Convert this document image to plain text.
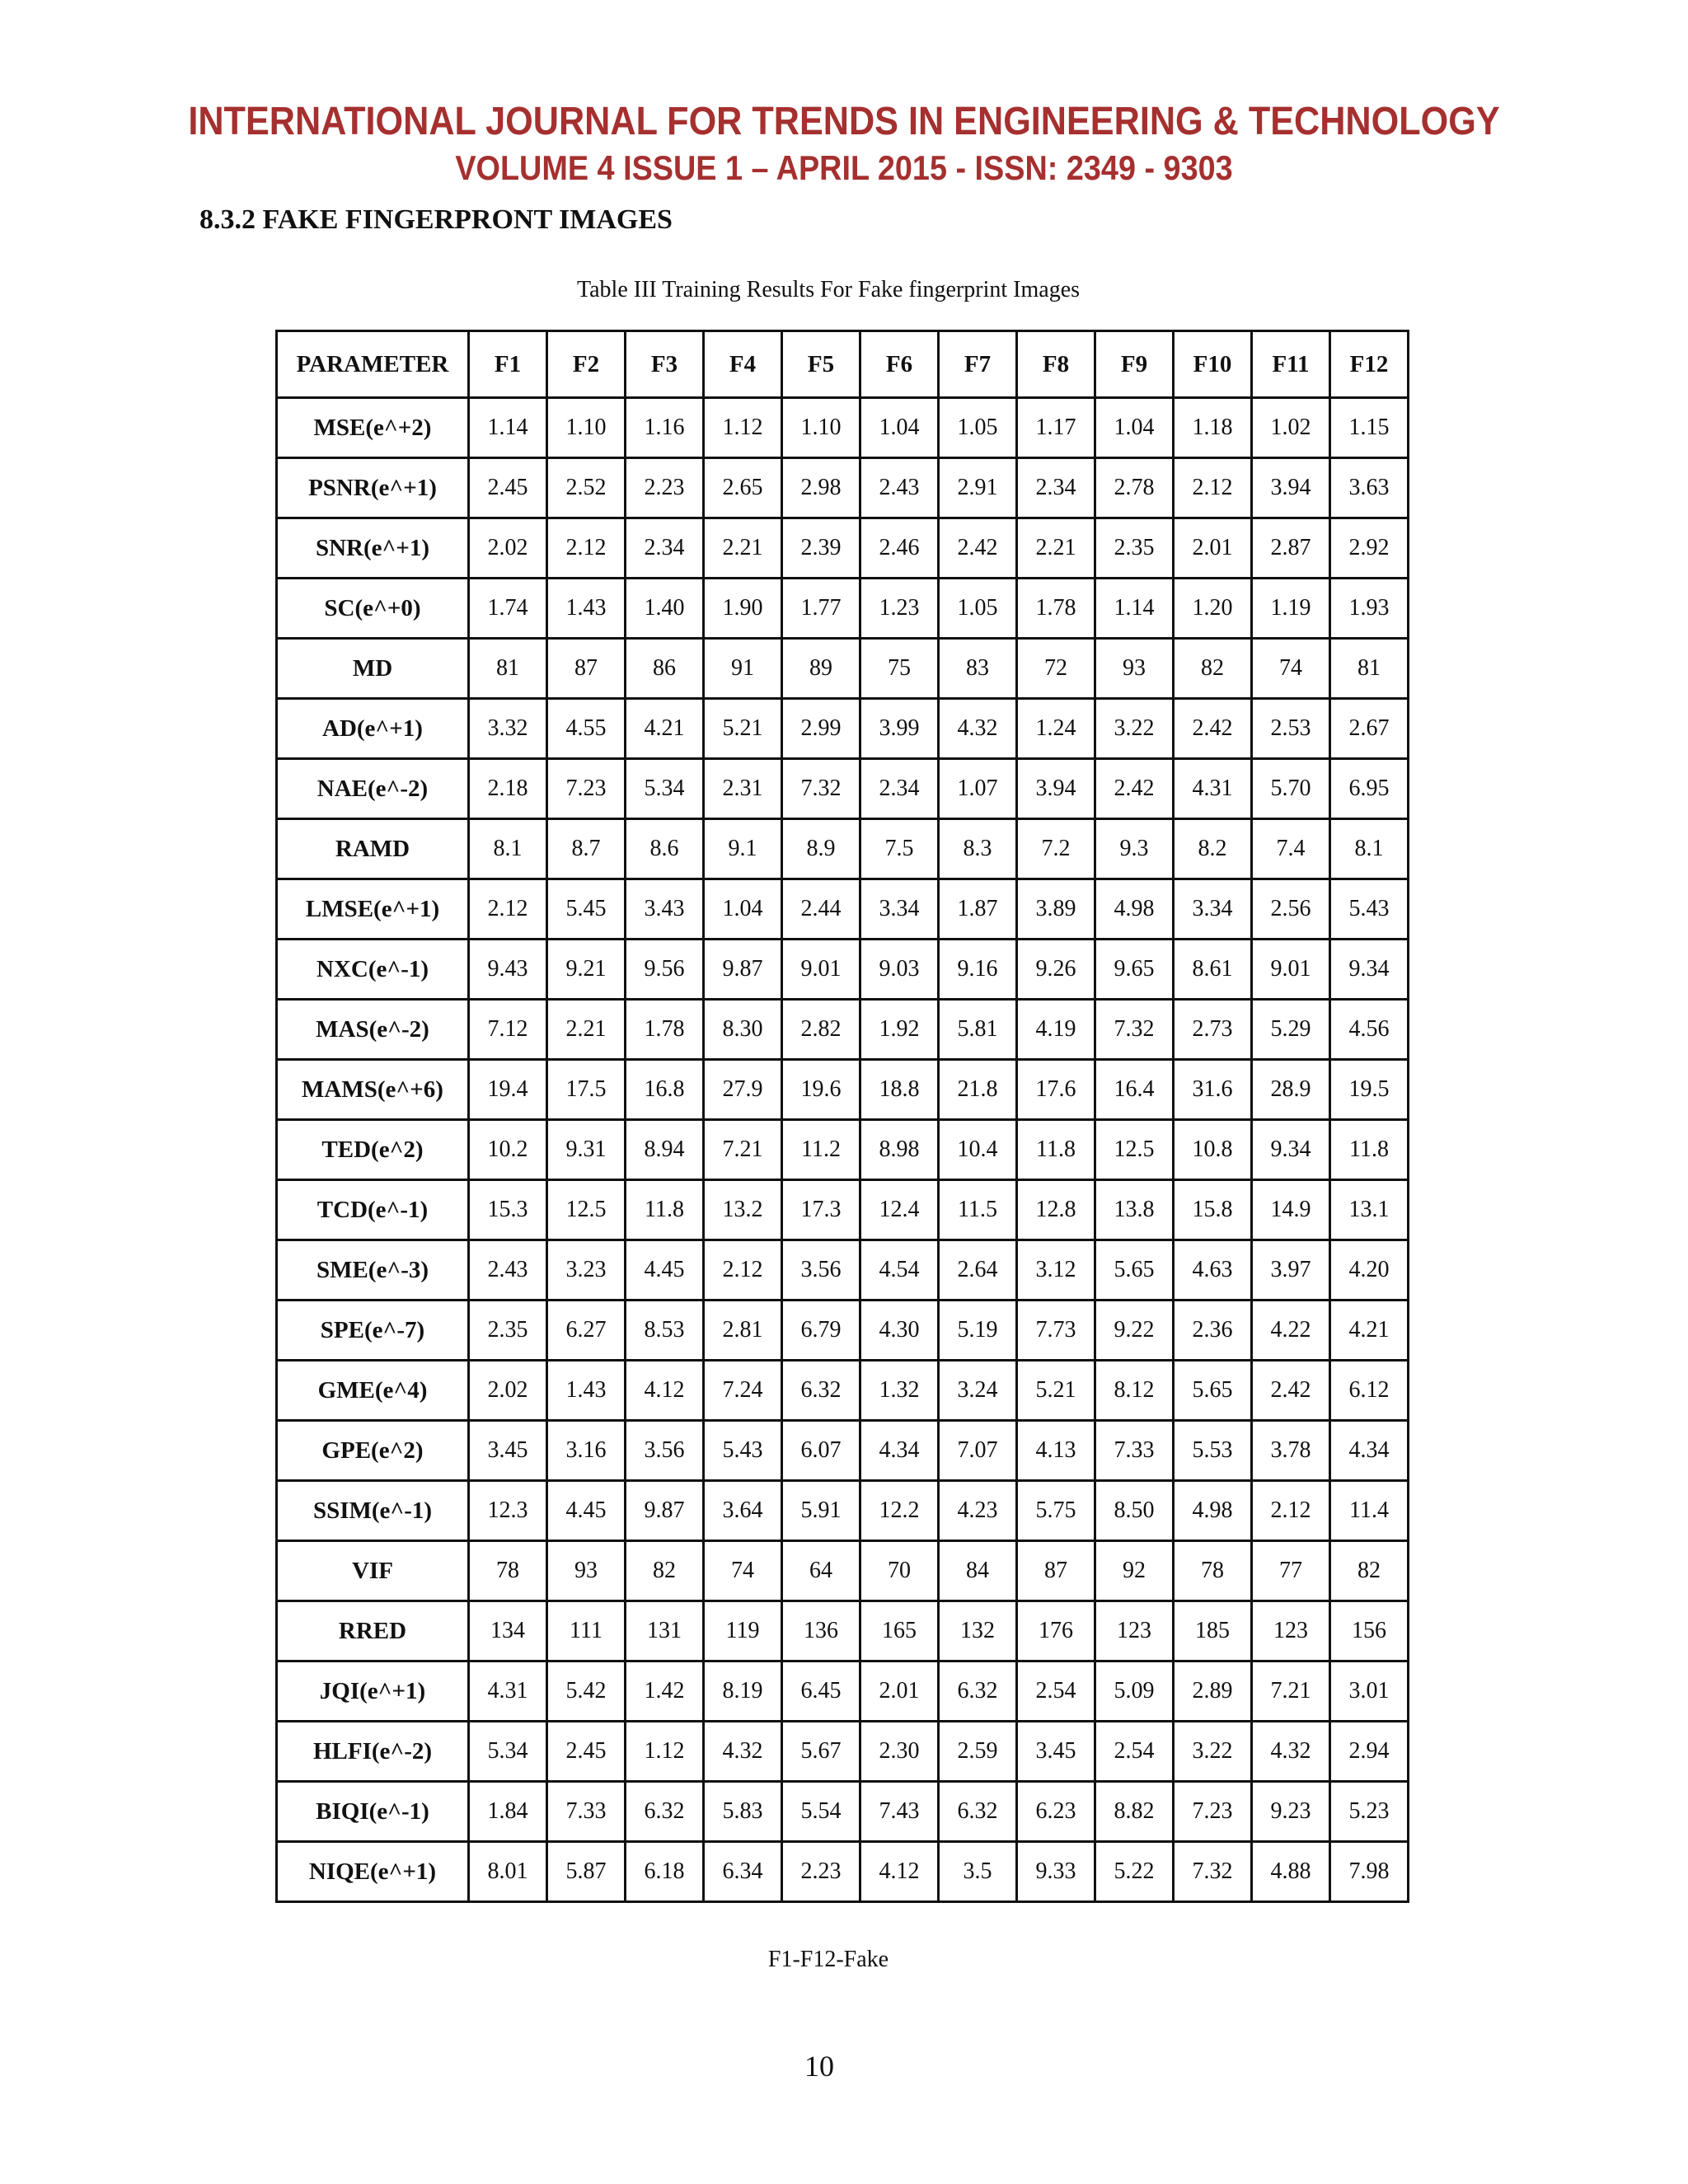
INTERNATIONAL JOURNAL FOR TRENDS IN ENGINEERING & TECHNOLOGY
VOLUME 4 ISSUE 1 – APRIL 2015 - ISSN: 2349 - 9303
8.3.2 FAKE FINGERPRONT IMAGES

Table III Training Results For Fake fingerprint Images

PARAMETER	F1	F2	F3	F4	F5	F6	F7	F8	F9	F10	F11	F12
MSE(e^+2)	1.14	1.10	1.16	1.12	1.10	1.04	1.05	1.17	1.04	1.18	1.02	1.15
PSNR(e^+1)	2.45	2.52	2.23	2.65	2.98	2.43	2.91	2.34	2.78	2.12	3.94	3.63
SNR(e^+1)	2.02	2.12	2.34	2.21	2.39	2.46	2.42	2.21	2.35	2.01	2.87	2.92
SC(e^+0)	1.74	1.43	1.40	1.90	1.77	1.23	1.05	1.78	1.14	1.20	1.19	1.93
MD	81	87	86	91	89	75	83	72	93	82	74	81
AD(e^+1)	3.32	4.55	4.21	5.21	2.99	3.99	4.32	1.24	3.22	2.42	2.53	2.67
NAE(e^-2)	2.18	7.23	5.34	2.31	7.32	2.34	1.07	3.94	2.42	4.31	5.70	6.95
RAMD	8.1	8.7	8.6	9.1	8.9	7.5	8.3	7.2	9.3	8.2	7.4	8.1
LMSE(e^+1)	2.12	5.45	3.43	1.04	2.44	3.34	1.87	3.89	4.98	3.34	2.56	5.43
NXC(e^-1)	9.43	9.21	9.56	9.87	9.01	9.03	9.16	9.26	9.65	8.61	9.01	9.34
MAS(e^-2)	7.12	2.21	1.78	8.30	2.82	1.92	5.81	4.19	7.32	2.73	5.29	4.56
MAMS(e^+6)	19.4	17.5	16.8	27.9	19.6	18.8	21.8	17.6	16.4	31.6	28.9	19.5
TED(e^2)	10.2	9.31	8.94	7.21	11.2	8.98	10.4	11.8	12.5	10.8	9.34	11.8
TCD(e^-1)	15.3	12.5	11.8	13.2	17.3	12.4	11.5	12.8	13.8	15.8	14.9	13.1
SME(e^-3)	2.43	3.23	4.45	2.12	3.56	4.54	2.64	3.12	5.65	4.63	3.97	4.20
SPE(e^-7)	2.35	6.27	8.53	2.81	6.79	4.30	5.19	7.73	9.22	2.36	4.22	4.21
GME(e^4)	2.02	1.43	4.12	7.24	6.32	1.32	3.24	5.21	8.12	5.65	2.42	6.12
GPE(e^2)	3.45	3.16	3.56	5.43	6.07	4.34	7.07	4.13	7.33	5.53	3.78	4.34
SSIM(e^-1)	12.3	4.45	9.87	3.64	5.91	12.2	4.23	5.75	8.50	4.98	2.12	11.4
VIF	78	93	82	74	64	70	84	87	92	78	77	82
RRED	134	111	131	119	136	165	132	176	123	185	123	156
JQI(e^+1)	4.31	5.42	1.42	8.19	6.45	2.01	6.32	2.54	5.09	2.89	7.21	3.01
HLFI(e^-2)	5.34	2.45	1.12	4.32	5.67	2.30	2.59	3.45	2.54	3.22	4.32	2.94
BIQI(e^-1)	1.84	7.33	6.32	5.83	5.54	7.43	6.32	6.23	8.82	7.23	9.23	5.23
NIQE(e^+1)	8.01	5.87	6.18	6.34	2.23	4.12	3.5	9.33	5.22	7.32	4.88	7.98

F1-F12-Fake

10
